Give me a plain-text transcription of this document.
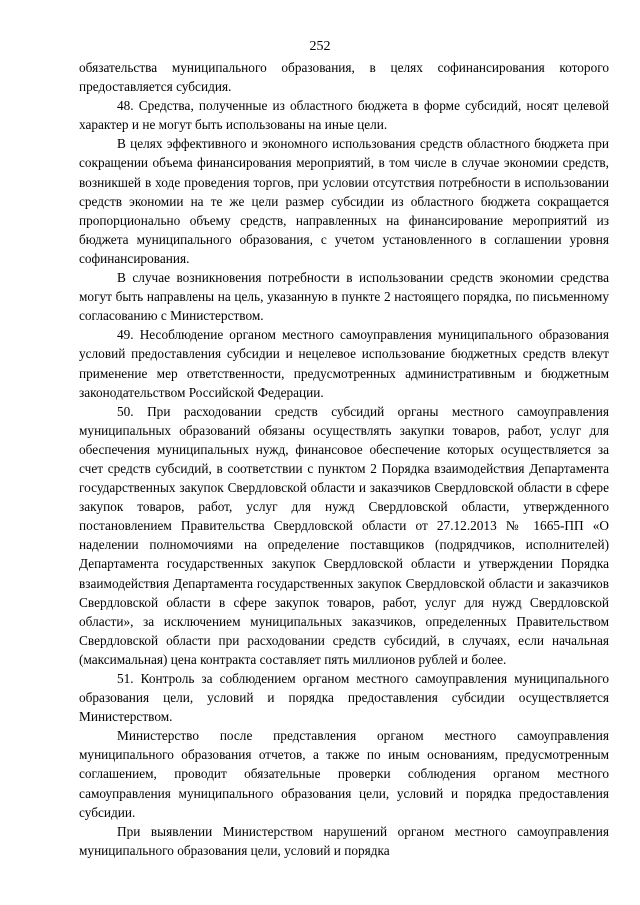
252

обязательства муниципального образования, в целях софинансирования которого предоставляется субсидия.

48. Средства, полученные из областного бюджета в форме субсидий, носят целевой характер и не могут быть использованы на иные цели.

В целях эффективного и экономного использования средств областного бюджета при сокращении объема финансирования мероприятий, в том числе в случае экономии средств, возникшей в ходе проведения торгов, при условии отсутствия потребности в использовании средств экономии на те же цели размер субсидии из областного бюджета сокращается пропорционально объему средств, направленных на финансирование мероприятий из бюджета муниципального образования, с учетом установленного в соглашении уровня софинансирования.

В случае возникновения потребности в использовании средств экономии средства могут быть направлены на цель, указанную в пункте 2 настоящего порядка, по письменному согласованию с Министерством.

49. Несоблюдение органом местного самоуправления муниципального образования условий предоставления субсидии и нецелевое использование бюджетных средств влекут применение мер ответственности, предусмотренных административным и бюджетным законодательством Российской Федерации.

50. При расходовании средств субсидий органы местного самоуправления муниципальных образований обязаны осуществлять закупки товаров, работ, услуг для обеспечения муниципальных нужд, финансовое обеспечение которых осуществляется за счет средств субсидий, в соответствии с пунктом 2 Порядка взаимодействия Департамента государственных закупок Свердловской области и заказчиков Свердловской области в сфере закупок товаров, работ, услуг для нужд Свердловской области, утвержденного постановлением Правительства Свердловской области от 27.12.2013 № 1665-ПП «О наделении полномочиями на определение поставщиков (подрядчиков, исполнителей) Департамента государственных закупок Свердловской области и утверждении Порядка взаимодействия Департамента государственных закупок Свердловской области и заказчиков Свердловской области в сфере закупок товаров, работ, услуг для нужд Свердловской области», за исключением муниципальных заказчиков, определенных Правительством Свердловской области при расходовании средств субсидий, в случаях, если начальная (максимальная) цена контракта составляет пять миллионов рублей и более.

51. Контроль за соблюдением органом местного самоуправления муниципального образования цели, условий и порядка предоставления субсидии осуществляется Министерством.

Министерство после представления органом местного самоуправления муниципального образования отчетов, а также по иным основаниям, предусмотренным соглашением, проводит обязательные проверки соблюдения органом местного самоуправления муниципального образования цели, условий и порядка предоставления субсидии.

При выявлении Министерством нарушений органом местного самоуправления муниципального образования цели, условий и порядка
